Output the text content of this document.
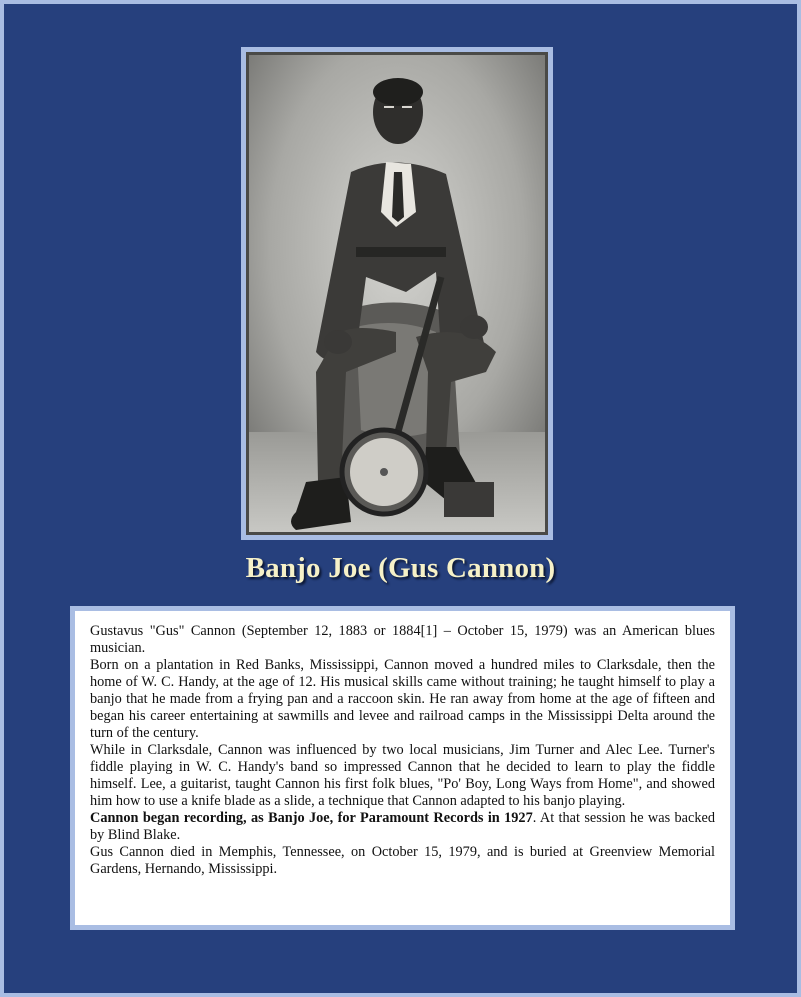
Banjo Joe (Gus Cannon)

Gustavus "Gus" Cannon (September 12, 1883 or 1884[1] – October 15, 1979) was an American blues musician.

Born on a plantation in Red Banks, Mississippi, Cannon moved a hundred miles to Clarksdale, then the home of W. C. Handy, at the age of 12. His musical skills came without training; he taught himself to play a banjo that he made from a frying pan and a raccoon skin. He ran away from home at the age of fifteen and began his career entertaining at sawmills and levee and railroad camps in the Mississippi Delta around the turn of the century.

While in Clarksdale, Cannon was influenced by two local musicians, Jim Turner and Alec Lee. Turner's fiddle playing in W. C. Handy's band so impressed Cannon that he decided to learn to play the fiddle himself. Lee, a guitarist, taught Cannon his first folk blues, "Po' Boy, Long Ways from Home", and showed him how to use a knife blade as a slide, a technique that Cannon adapted to his banjo playing.

Cannon began recording, as Banjo Joe, for Paramount Records in 1927. At that session he was backed by Blind Blake.

Gus Cannon died in Memphis, Tennessee, on October 15, 1979, and is buried at Greenview Memorial Gardens, Hernando, Mississippi.
